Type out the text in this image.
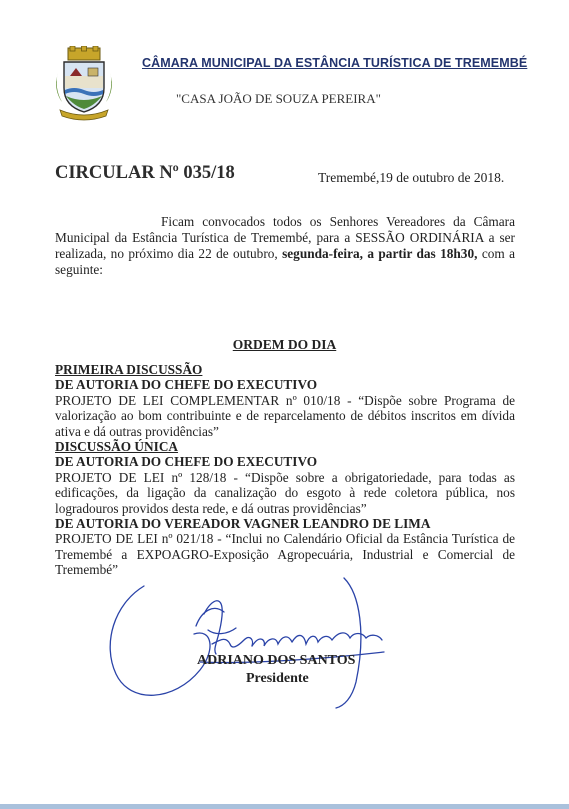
CÂMARA MUNICIPAL DA ESTÂNCIA TURÍSTICA DE TREMEMBÉ
"CASA JOÃO DE SOUZA PEREIRA"
CIRCULAR Nº 035/18	Tremembé,19 de outubro de 2018.
Ficam convocados todos os Senhores Vereadores da Câmara Municipal da Estância Turística de Tremembé, para a SESSÃO ORDINÁRIA a ser realizada, no próximo dia 22 de outubro, segunda-feira, a partir das 18h30, com a seguinte:
ORDEM DO DIA
PRIMEIRA DISCUSSÃO
DE AUTORIA DO CHEFE DO EXECUTIVO
PROJETO DE LEI COMPLEMENTAR nº 010/18 - “Dispõe sobre Programa de valorização ao bom contribuinte e de reparcelamento de débitos inscritos em dívida ativa e dá outras providências”
DISCUSSÃO ÚNICA
DE AUTORIA DO CHEFE DO EXECUTIVO
PROJETO DE LEI nº 128/18 - “Dispõe sobre a obrigatoriedade, para todas as edificações, da ligação da canalização do esgoto à rede coletora pública, nos logradouros providos desta rede, e dá outras providências”
DE AUTORIA DO VEREADOR VAGNER LEANDRO DE LIMA
PROJETO DE LEI nº 021/18 - “Inclui no Calendário Oficial da Estância Turística de Tremembé a EXPOAGRO-Exposição Agropecuária, Industrial e Comercial de Tremembé”
ADRIANO DOS SANTOS
Presidente
